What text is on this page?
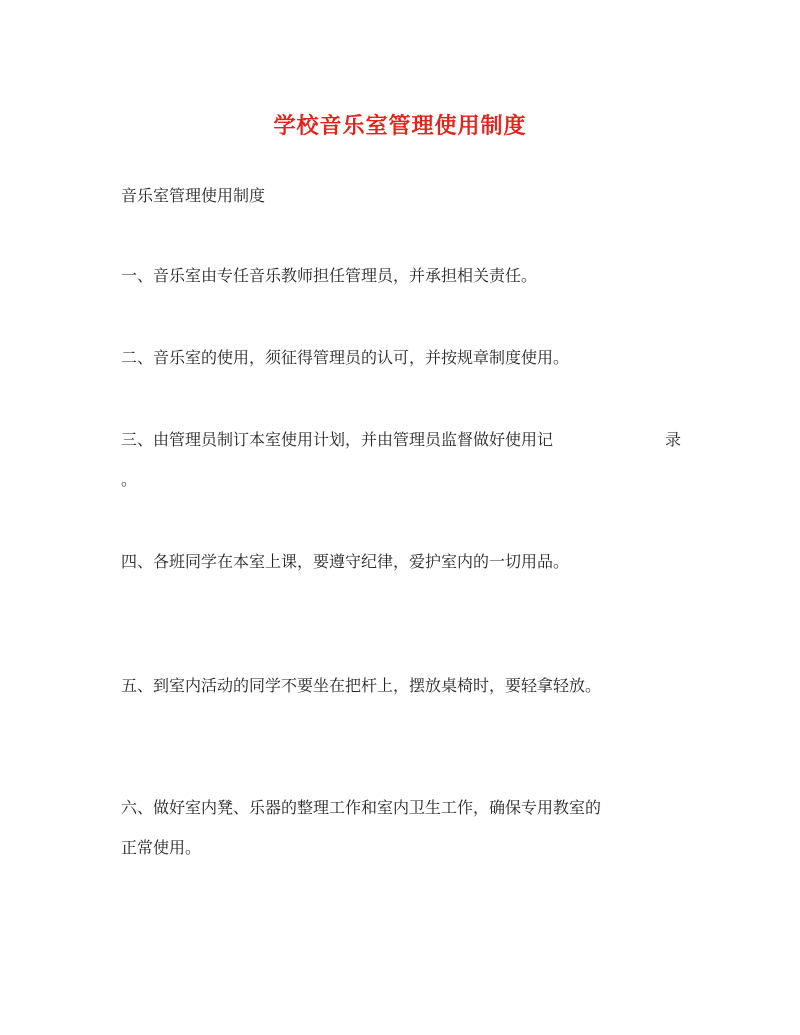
学校音乐室管理使用制度
音乐室管理使用制度
一、音乐室由专任音乐教师担任管理员，并承担相关责任。
二、音乐室的使用，须征得管理员的认可，并按规章制度使用。
三、由管理员制订本室使用计划，并由管理员监督做好使用记	录
。
四、各班同学在本室上课，要遵守纪律，爱护室内的一切用品。
五、到室内活动的同学不要坐在把杆上，摆放桌椅时，要轻拿轻放。
六、做好室内凳、乐器的整理工作和室内卫生工作，确保专用教室的
正常使用。
